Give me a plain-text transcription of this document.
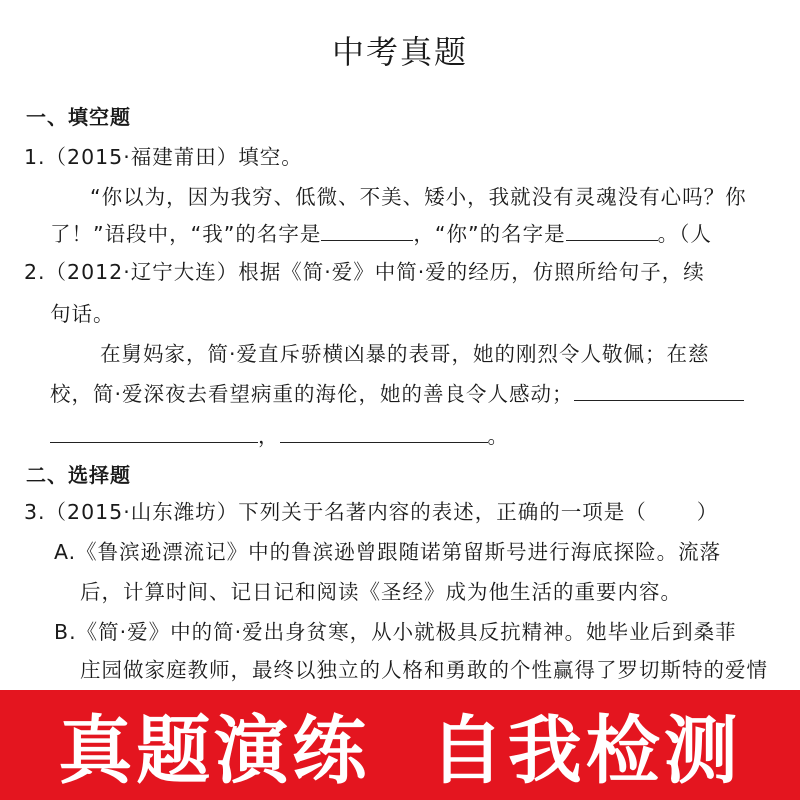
中考真题
一、填空题
1.（2015·福建莆田）填空。
“你以为，因为我穷、低微、不美、矮小，我就没有灵魂没有心吗？你
了！”语段中，“我”的名字是	，“你”的名字是	。（人
2.（2012·辽宁大连）根据《简·爱》中简·爱的经历，仿照所给句子，续
句话。
在舅妈家，简·爱直斥骄横凶暴的表哥，她的刚烈令人敬佩；在慈
校，简·爱深夜去看望病重的海伦，她的善良令人感动；
，	。
二、选择题
3.（2015·山东潍坊）下列关于名著内容的表述，正确的一项是（ ）
A.《鲁滨逊漂流记》中的鲁滨逊曾跟随诺第留斯号进行海底探险。流落
后，计算时间、记日记和阅读《圣经》成为他生活的重要内容。
B.《简·爱》中的简·爱出身贫寒，从小就极具反抗精神。她毕业后到桑菲
庄园做家庭教师，最终以独立的人格和勇敢的个性赢得了罗切斯特的爱情
真题演练  自我检测
